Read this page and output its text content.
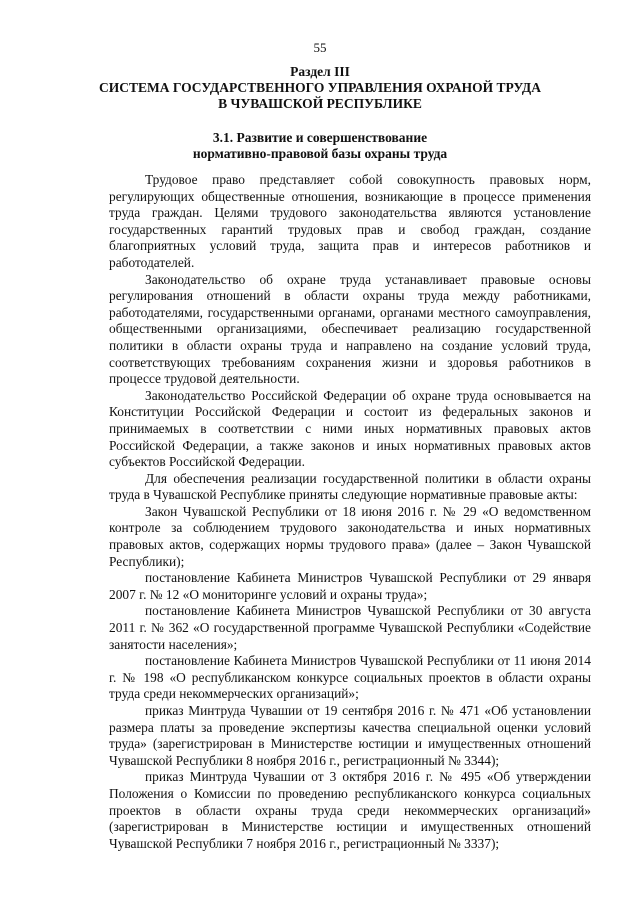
55
Раздел III
СИСТЕМА ГОСУДАРСТВЕННОГО УПРАВЛЕНИЯ ОХРАНОЙ ТРУДА
В ЧУВАШСКОЙ РЕСПУБЛИКЕ
3.1. Развитие и совершенствование
нормативно-правовой базы охраны труда

Трудовое право представляет собой совокупность правовых норм, регулирующих общественные отношения, возникающие в процессе применения труда граждан. Целями трудового законодательства являются установление государственных гарантий трудовых прав и свобод граждан, создание благоприятных условий труда, защита прав и интересов работников и работодателей.

Законодательство об охране труда устанавливает правовые основы регулирования отношений в области охраны труда между работниками, работодателями, государственными органами, органами местного самоуправления, общественными организациями, обеспечивает реализацию государственной политики в области охраны труда и направлено на создание условий труда, соответствующих требованиям сохранения жизни и здоровья работников в процессе трудовой деятельности.

Законодательство Российской Федерации об охране труда основывается на Конституции Российской Федерации и состоит из федеральных законов и принимаемых в соответствии с ними иных нормативных правовых актов Российской Федерации, а также законов и иных нормативных правовых актов субъектов Российской Федерации.

Для обеспечения реализации государственной политики в области охраны труда в Чувашской Республике приняты следующие нормативные правовые акты:

Закон Чувашской Республики от 18 июня 2016 г. № 29 «О ведомственном контроле за соблюдением трудового законодательства и иных нормативных правовых актов, содержащих нормы трудового права» (далее – Закон Чувашской Республики);

постановление Кабинета Министров Чувашской Республики от 29 января 2007 г. № 12 «О мониторинге условий и охраны труда»;

постановление Кабинета Министров Чувашской Республики от 30 августа 2011 г. № 362 «О государственной программе Чувашской Республики «Содействие занятости населения»;

постановление Кабинета Министров Чувашской Республики от 11 июня 2014 г. № 198 «О республиканском конкурсе социальных проектов в области охраны труда среди некоммерческих организаций»;

приказ Минтруда Чувашии от 19 сентября 2016 г. № 471 «Об установлении размера платы за проведение экспертизы качества специальной оценки условий труда» (зарегистрирован в Министерстве юстиции и имущественных отношений Чувашской Республики 8 ноября 2016 г., регистрационный № 3344);

приказ Минтруда Чувашии от 3 октября 2016 г. № 495 «Об утверждении Положения о Комиссии по проведению республиканского конкурса социальных проектов в области охраны труда среди некоммерческих организаций» (зарегистрирован в Министерстве юстиции и имущественных отношений Чувашской Республики 7 ноября 2016 г., регистрационный № 3337);
